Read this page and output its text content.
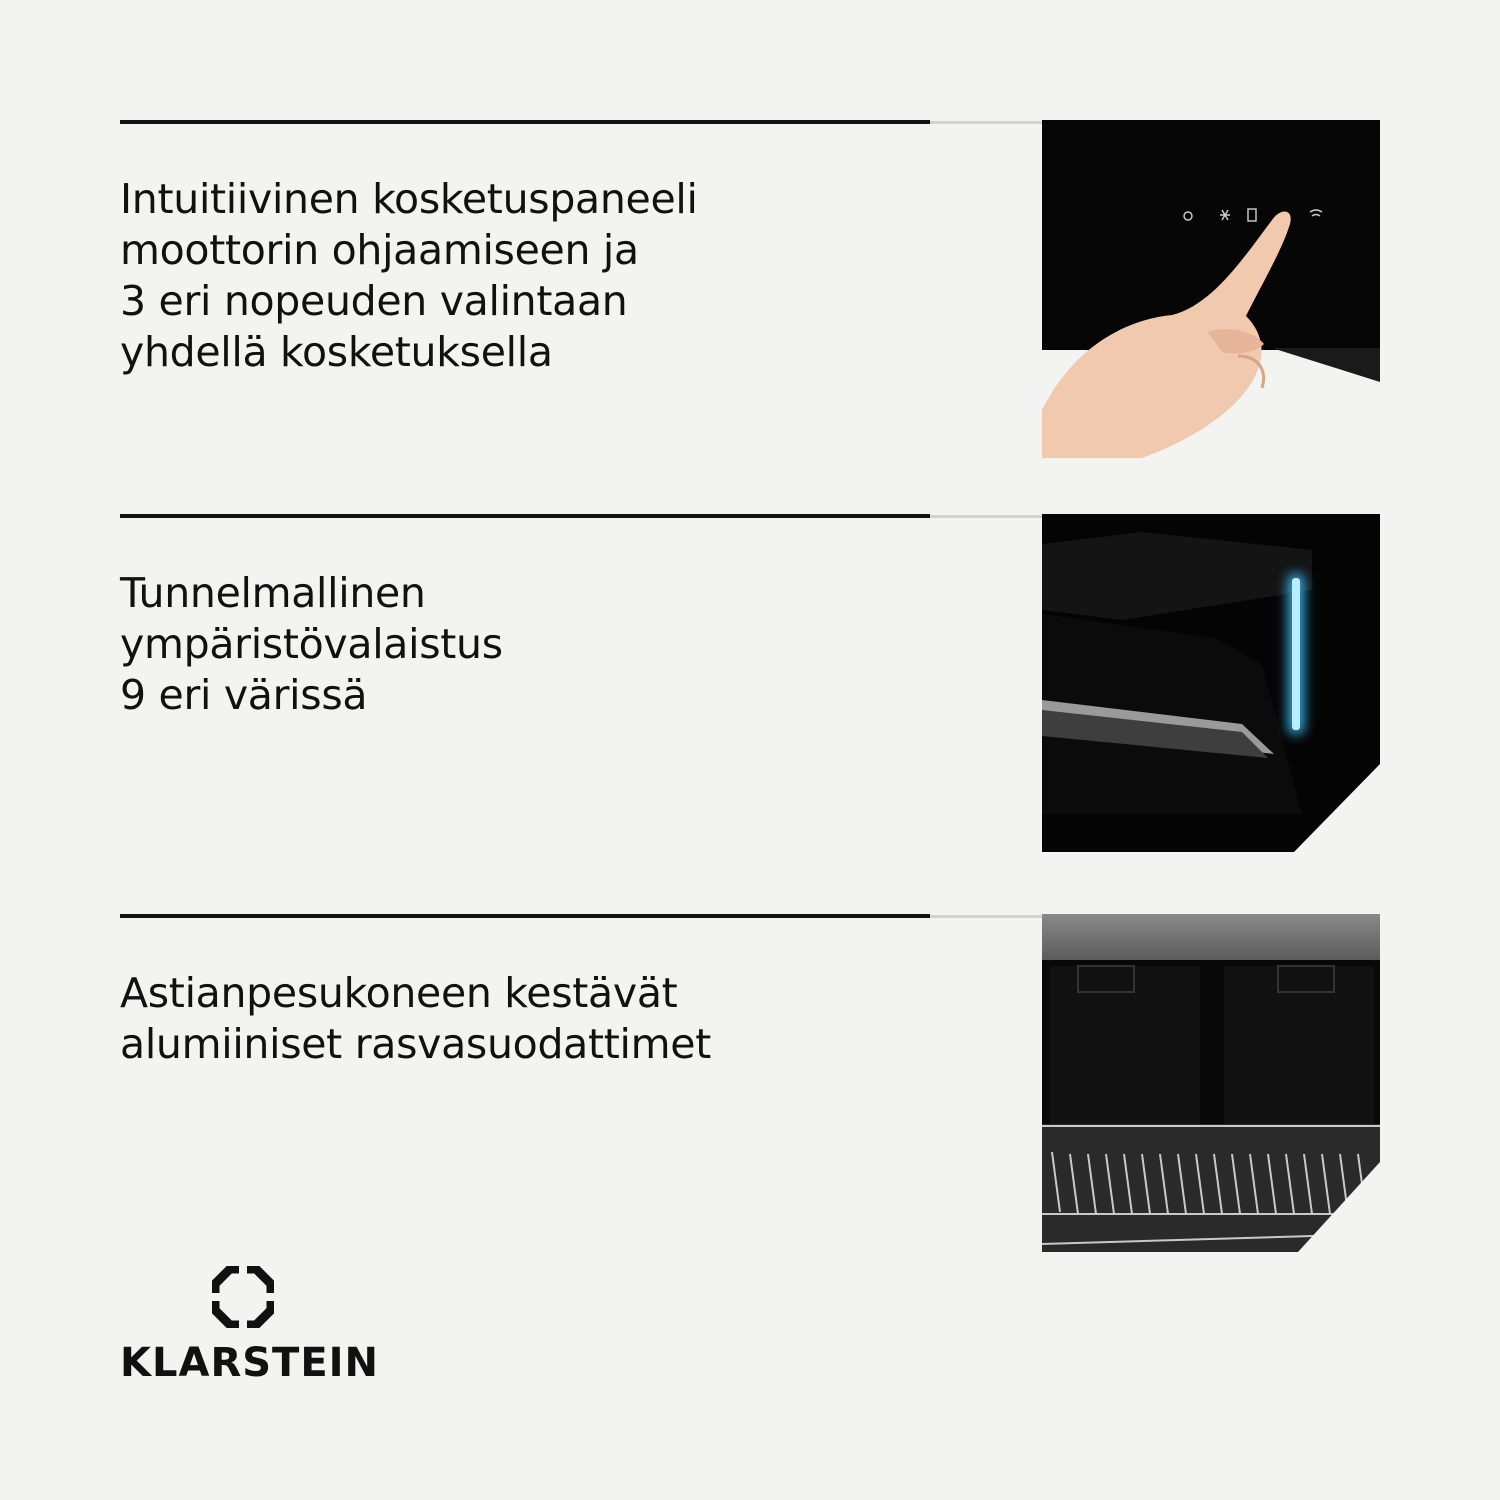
Intuitiivinen kosketuspaneeli
moottorin ohjaamiseen ja
3 eri nopeuden valintaan
yhdellä kosketuksella
Tunnelmallinen
ympäristövalaistus
9 eri värissä
Astianpesukoneen kestävät
alumiiniset rasvasuodattimet
KLARSTEIN
